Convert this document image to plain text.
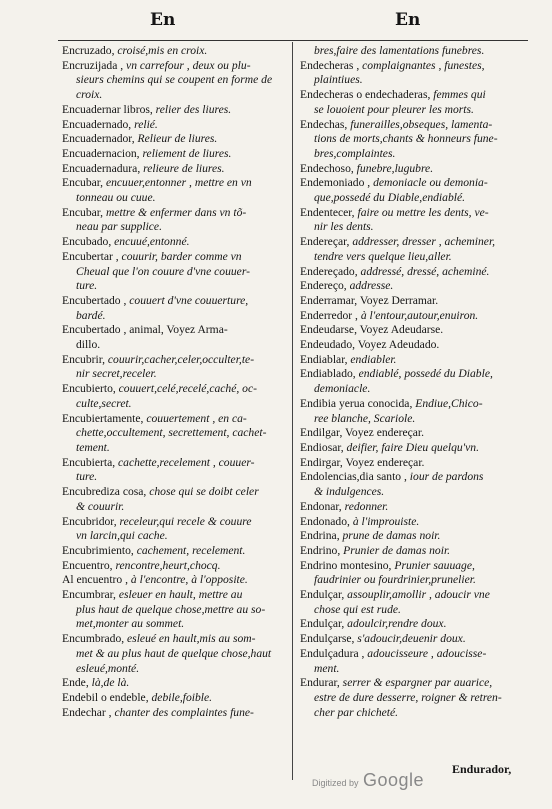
En	En
Encruzado, croisé,mis en croix.
Encruzijada , vn carrefour , deux ou plu-
sieurs chemins qui se coupent en forme de
croix.
Encuadernar libros, relier des liures.
Encuadernado, relié.
Encuadernador, Relieur de liures.
Encuadernacion, reliement de liures.
Encuadernadura, relieure de liures.
Encubar, encuuer,entonner , mettre en vn
tonneau ou cuue.
Encubar, mettre & enfermer dans vn tõ-
neau par supplice.
Encubado, encuué,entonné.
Encubertar , couurir, barder comme vn
Cheual que l'on couure d'vne couuer-
ture.
Encubertado , couuert d'vne couuerture,
bardé.
Encubertado , animal, Voyez Arma-
dillo.
Encubrir, couurir,cacher,celer,occulter,te-
nir secret,receler.
Encubierto, couuert,celé,recelé,caché, oc-
culte,secret.
Encubiertamente, couuertement , en ca-
chette,occultement, secrettement, cachet-
tement.
Encubierta, cachette,recelement , couuer-
ture.
Encubrediza cosa, chose qui se doibt celer
& couurir.
Encubridor, receleur,qui recele & couure
vn larcin,qui cache.
Encubrimiento, cachement, recelement.
Encuentro, rencontre,heurt,chocq.
Al encuentro , à l'encontre, à l'opposite.
Encumbrar, esleuer en hault, mettre au
plus haut de quelque chose,mettre au so-
met,monter au sommet.
Encumbrado, esleué en hault,mis au som-
met & au plus haut de quelque chose,haut
esleué,monté.
Ende, là,de là.
Endebil o endeble, debile,foible.
Endechar , chanter des complaintes fune-
bres,faire des lamentations funebres.
Endecheras , complaignantes , funestes,
plaintiues.
Endecheras o endechaderas, femmes qui
se louoient pour pleurer les morts.
Endechas, funerailles,obseques, lamenta-
tions de morts,chants & honneurs fune-
bres,complaintes.
Endechoso, funebre,lugubre.
Endemoniado , demoniacle ou demonia-
que,possedé du Diable,endiablé.
Endentecer, faire ou mettre les dents, ve-
nir les dents.
Endereçar, addresser, dresser , acheminer,
tendre vers quelque lieu,aller.
Endereçado, addressé, dressé, acheminé.
Endereço, addresse.
Enderramar, Voyez Derramar.
Enderredor , à l'entour,autour,enuiron.
Endeudarse, Voyez Adeudarse.
Endeudado, Voyez Adeudado.
Endiablar, endiabler.
Endiablado, endiablé, possedé du Diable,
demoniacle.
Endibia yerua conocida, Endiue,Chico-
ree blanche, Scariole.
Endilgar, Voyez endereçar.
Endiosar, deifier, faire Dieu quelqu'vn.
Endirgar, Voyez endereçar.
Endolencias,dia santo , iour de pardons
& indulgences.
Endonar, redonner.
Endonado, à l'improuiste.
Endrina, prune de damas noir.
Endrino, Prunier de damas noir.
Endrino montesino, Prunier sauuage,
faudrinier ou fourdrinier,prunelier.
Endulçar, assouplir,amollir , adoucir vne
chose qui est rude.
Endulçar, adoulcir,rendre doux.
Endulçarse, s'adoucir,deuenir doux.
Endulçadura , adoucisseure , adoucisse-
ment.
Endurar, serrer & espargner par auarice,
estre de dure desserre, roigner & retren-
cher par chicheté.
Endurador,
Digitized by Google
